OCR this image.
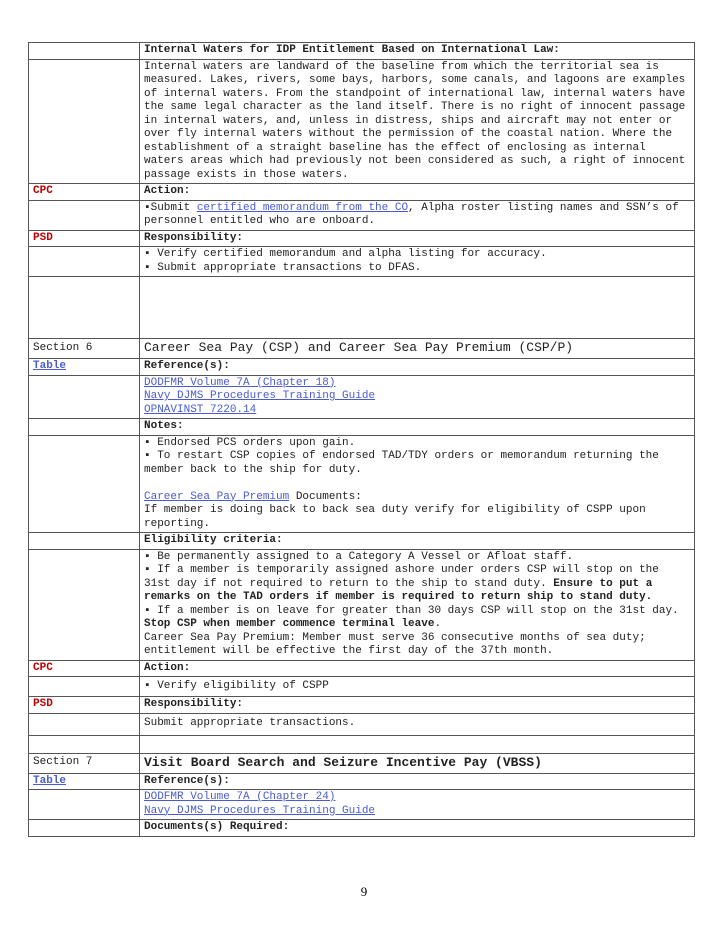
	Internal Waters for IDP Entitlement Based on International Law:

	Internal waters are landward of the baseline from which the territorial sea is measured. Lakes, rivers, some bays, harbors, some canals, and lagoons are examples of internal waters. From the standpoint of international law, internal waters have the same legal character as the land itself. There is no right of innocent passage in internal waters, and, unless in distress, ships and aircraft may not enter or over fly internal waters without the permission of the coastal nation. Where the establishment of a straight baseline has the effect of enclosing as internal waters areas which had previously not been considered as such, a right of innocent passage exists in those waters.

CPC	Action:
	▪Submit certified memorandum from the CO, Alpha roster listing names and SSN’s of personnel entitled who are onboard.
PSD	Responsibility:

	▪ Verify certified memorandum and alpha listing for accuracy.
▪ Submit appropriate transactions to DFAS.

Section 6	Career Sea Pay (CSP) and Career Sea Pay Premium (CSP/P)
Table	Reference(s):

	DODFMR Volume 7A (Chapter 18)
Navy DJMS Procedures Training Guide
OPNAVINST 7220.14

	Notes:

	▪ Endorsed PCS orders upon gain.
▪ To restart CSP copies of endorsed TAD/TDY orders or memorandum returning the member back to the ship for duty.

Career Sea Pay Premium Documents:
If member is doing back to back sea duty verify for eligibility of CSPP upon reporting.

	Eligibility criteria:

	▪ Be permanently assigned to a Category A Vessel or Afloat staff.
▪ If a member is temporarily assigned ashore under orders CSP will stop on the 31st day if not required to return to the ship to stand duty. Ensure to put a remarks on the TAD orders if member is required to return ship to stand duty.
▪ If a member is on leave for greater than 30 days CSP will stop on the 31st day. Stop CSP when member commence terminal leave.
Career Sea Pay Premium: Member must serve 36 consecutive months of sea duty; entitlement will be effective the first day of the 37th month.

CPC	Action:
	▪ Verify eligibility of CSPP
PSD	Responsibility:
	Submit appropriate transactions.

Section 7	Visit Board Search and Seizure Incentive Pay (VBSS)
Table	Reference(s):

	DODFMR Volume 7A (Chapter 24)
Navy DJMS Procedures Training Guide

	Documents(s) Required:
9
